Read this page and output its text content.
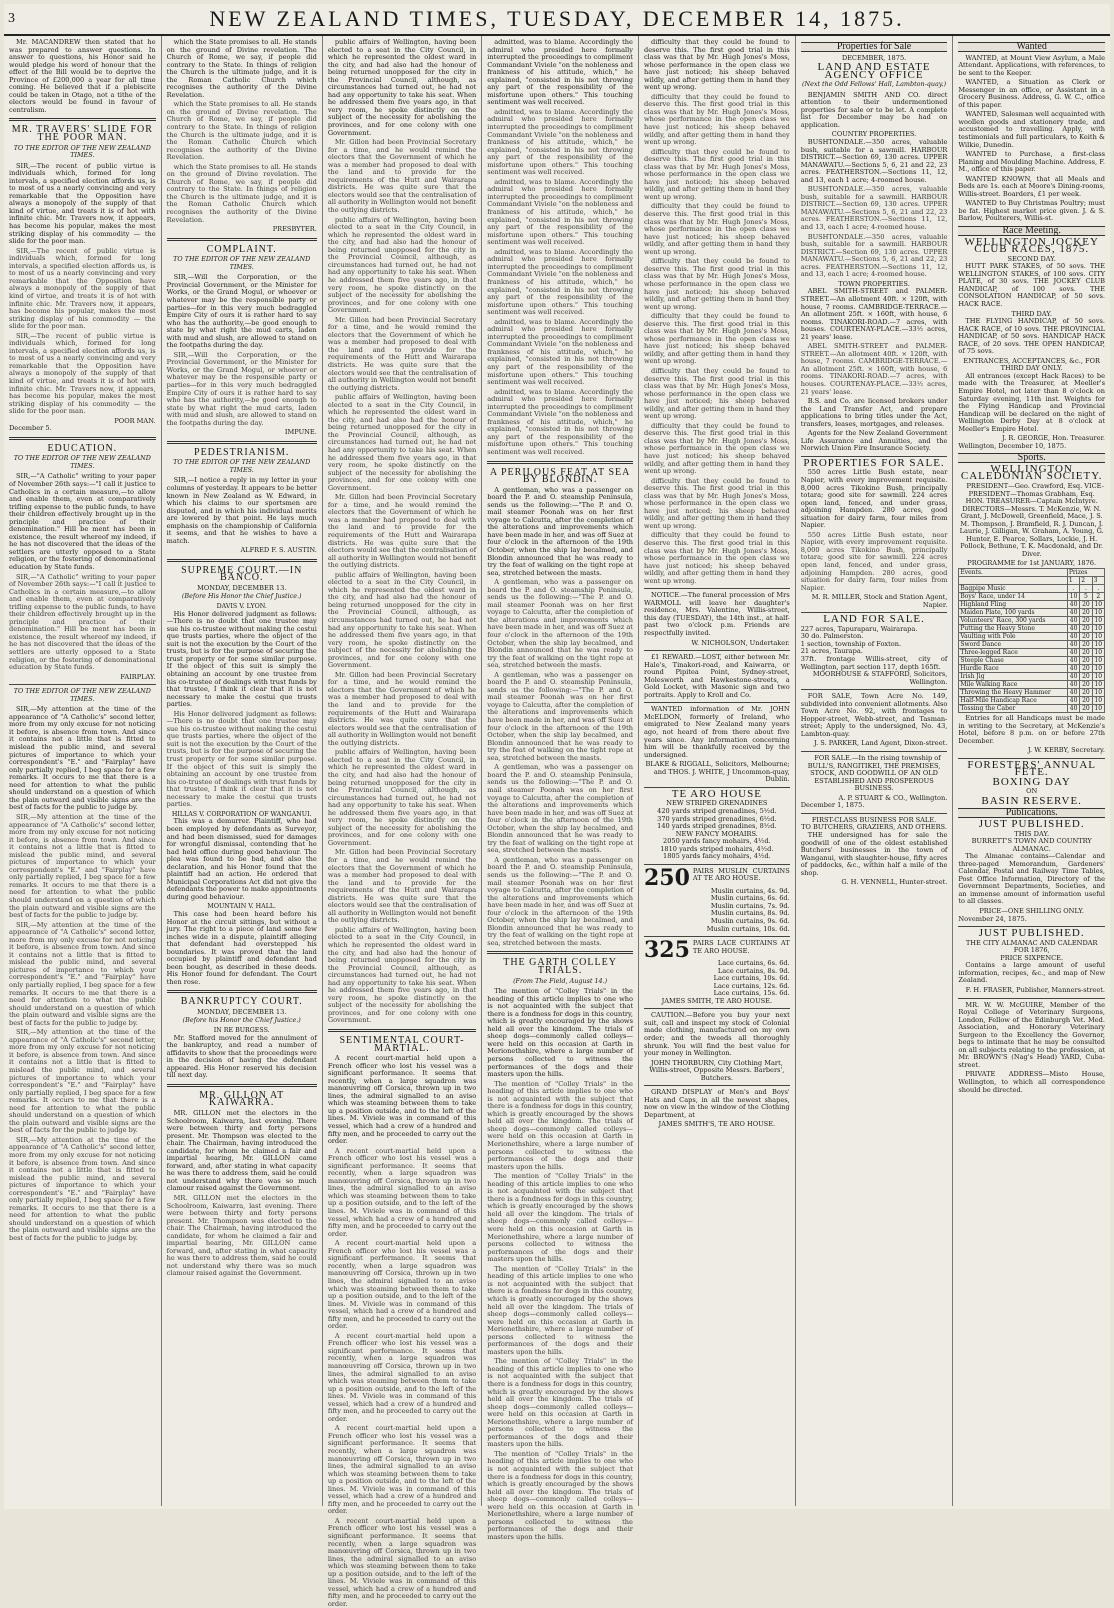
3	NEW ZEALAND TIMES, TUESDAY, DECEMBER 14, 1875.

Mr. MACANDREW then stated that he was prepared to answer questions. In answer to questions, his Honor said he would pledge his word of honour that the effect of the Bill would be to deprive the Province of £200,000 a year for all time coming. He believed that if a plebiscite could be taken in Otago, not a tithe of the electors would be found in favour of centralism.

MR. TRAVERS' SLIDE FOR THE POOR MAN.
TO THE EDITOR OF THE NEW ZEALAND TIMES.

SIR,—The recent of public virtue is individuals which, formed for long intervals, a specified election affords us, is to most of us a nearly convincing and very remarkable that the Opposition have always a monopoly of the supply of that kind of virtue, and treats it is of hot with infinite chic. Mr. Travers now, it appears, has become his popular, makes the most striking display of his commodity — the slide for the poor man.

SIR,—The recent of public virtue is individuals which, formed for long intervals, a specified election affords us, is to most of us a nearly convincing and very remarkable that the Opposition have always a monopoly of the supply of that kind of virtue, and treats it is of hot with infinite chic. Mr. Travers now, it appears, has become his popular, makes the most striking display of his commodity — the slide for the poor man.

SIR,—The recent of public virtue is individuals which, formed for long intervals, a specified election affords us, is to most of us a nearly convincing and very remarkable that the Opposition have always a monopoly of the supply of that kind of virtue, and treats it is of hot with infinite chic. Mr. Travers now, it appears, has become his popular, makes the most striking display of his commodity — the slide for the poor man.

POOR MAN.
December 5.
EDUCATION.
TO THE EDITOR OF THE NEW ZEALAND TIMES.

SIR,—"A Catholic" writing to your paper of November 26th says:—"I call it justice to Catholics in a certain measure,—to allow and enable them, even at comparatively trifling expense to the public funds, to have their children effectively brought up in the principle and practice of their denomination." Hill be ment has been in existence, the result whereof my indeed, if he has not discovered that the ideas of the settlers are utterly opposed to a State religion, or the fostering of denominational education by State funds.

SIR,—"A Catholic" writing to your paper of November 26th says:—"I call it justice to Catholics in a certain measure,—to allow and enable them, even at comparatively trifling expense to the public funds, to have their children effectively brought up in the principle and practice of their denomination." Hill be ment has been in existence, the result whereof my indeed, if he has not discovered that the ideas of the settlers are utterly opposed to a State religion, or the fostering of denominational education by State funds.

FAIRPLAY.
TO THE EDITOR OF THE NEW ZEALAND TIMES.

SIR,—My attention at the time of the appearance of "A Catholic's" second letter, more from my only excuse for not noticing it before, is absence from town. And since it contains not a little that is fitted to mislead the public mind, and several pictures of importance to which your correspondent's "E." and "Fairplay" have only partially replied, I beg space for a few remarks. It occurs to me that there is a need for attention to what the public should understand on a question of which the plain outward and visible signs are the best of facts for the public to judge by.

SIR,—My attention at the time of the appearance of "A Catholic's" second letter, more from my only excuse for not noticing it before, is absence from town. And since it contains not a little that is fitted to mislead the public mind, and several pictures of importance to which your correspondent's "E." and "Fairplay" have only partially replied, I beg space for a few remarks. It occurs to me that there is a need for attention to what the public should understand on a question of which the plain outward and visible signs are the best of facts for the public to judge by.

SIR,—My attention at the time of the appearance of "A Catholic's" second letter, more from my only excuse for not noticing it before, is absence from town. And since it contains not a little that is fitted to mislead the public mind, and several pictures of importance to which your correspondent's "E." and "Fairplay" have only partially replied, I beg space for a few remarks. It occurs to me that there is a need for attention to what the public should understand on a question of which the plain outward and visible signs are the best of facts for the public to judge by.

SIR,—My attention at the time of the appearance of "A Catholic's" second letter, more from my only excuse for not noticing it before, is absence from town. And since it contains not a little that is fitted to mislead the public mind, and several pictures of importance to which your correspondent's "E." and "Fairplay" have only partially replied, I beg space for a few remarks. It occurs to me that there is a need for attention to what the public should understand on a question of which the plain outward and visible signs are the best of facts for the public to judge by.

SIR,—My attention at the time of the appearance of "A Catholic's" second letter, more from my only excuse for not noticing it before, is absence from town. And since it contains not a little that is fitted to mislead the public mind, and several pictures of importance to which your correspondent's "E." and "Fairplay" have only partially replied, I beg space for a few remarks. It occurs to me that there is a need for attention to what the public should understand on a question of which the plain outward and visible signs are the best of facts for the public to judge by.

which the State promises to all. He stands on the ground of Divine revelation. The Church of Rome, we say, if people did contrary to the State. In things of religion the Church is the ultimate judge, and it is the Roman Catholic Church which recognises the authority of the Divine Revelation.

which the State promises to all. He stands on the ground of Divine revelation. The Church of Rome, we say, if people did contrary to the State. In things of religion the Church is the ultimate judge, and it is the Roman Catholic Church which recognises the authority of the Divine Revelation.

which the State promises to all. He stands on the ground of Divine revelation. The Church of Rome, we say, if people did contrary to the State. In things of religion the Church is the ultimate judge, and it is the Roman Catholic Church which recognises the authority of the Divine Revelation.

PRESBYTER.
COMPLAINT.
TO THE EDITOR OF THE NEW ZEALAND TIMES.

SIR,—Will the Corporation, or the Provincial Government, or the Minister for Works, or the Grand Mogul, or whoever or whatever may be the responsible party or parties—for in this very much bedraggled Empire City of ours it is rather hard to say who has the authority,—be good enough to state by what right the mud carts, laden with mud and slush, are allowed to stand on the footpaths during the day.

SIR,—Will the Corporation, or the Provincial Government, or the Minister for Works, or the Grand Mogul, or whoever or whatever may be the responsible party or parties—for in this very much bedraggled Empire City of ours it is rather hard to say who has the authority,—be good enough to state by what right the mud carts, laden with mud and slush, are allowed to stand on the footpaths during the day.

IMPUNE.
PEDESTRIANISM.
TO THE EDITOR OF THE NEW ZEALAND TIMES.

SIR,—I notice a reply in my letter in your columns of yesterday. It appears to be better known in New Zealand as W. Edward, in which his claims to our sportsmen are disputed, and in which his individual merits are lowered by that point. He lays much emphasis on the championship of California it seems, and that he wishes to have a match.

ALFRED F. S. AUSTIN.
SUPREME COURT.—IN BANCO.
MONDAY, DECEMBER 13.
(Before His Honor the Chief Justice.)
DAVIS V. LYON.

His Honor delivered judgment as follows:—There is no doubt that one trustee may sue his co-trustee without making the cestui que trusts parties, where the object of the suit is not the execution by the Court of the trusts, but is for the purpose of securing the trust property or for some similar purpose. If the object of this suit is simply the obtaining an account by one trustee from his co-trustee of dealings with trust funds by that trustee, I think it clear that it is not necessary to make the cestui que trusts parties.

His Honor delivered judgment as follows:—There is no doubt that one trustee may sue his co-trustee without making the cestui que trusts parties, where the object of the suit is not the execution by the Court of the trusts, but is for the purpose of securing the trust property or for some similar purpose. If the object of this suit is simply the obtaining an account by one trustee from his co-trustee of dealings with trust funds by that trustee, I think it clear that it is not necessary to make the cestui que trusts parties.

HILLAS V. CORPORATION OF WANGANUI.

This was a demurrer. Plaintiff, who had been employed by defendants as Surveyor, and had been dismissed, sued for damages for wrongful dismissal, contending that he had held office during good behaviour. The plea was found to be bad, and also the declaration, and his Honor found that the plaintiff had an action. He ordered that Municipal Corporations Act did not give the defendants the power to make appointments during good behaviour.

MOUNTAIN V. HALL.

This case had been heard before his Honor at the circuit sittings, but without a jury. The right to a piece of land some few inches wide in a dispute, plaintiff alleging that defendant had overstepped his boundaries. It was proved that the land occupied by plaintiff and defendant had been bought, as described in these deeds. His Honor found for defendant. The Court then rose.

BANKRUPTCY COURT.
MONDAY, DECEMBER 13.
(Before his Honor the Chief Justice.)
IN RE BURGESS.

Mr. Stafford moved for the annulment of the bankruptcy, and read a number of affidavits to show that the proceedings were in the decision of having the defendant appeared. His Honor reserved his decision till next day.

MR. GILLON AT KAIWARRA.

MR. GILLON met the electors in the Schoolroom, Kaiwarra, last evening. There were between thirty and forty persons present. Mr. Thompson was elected to the chair. The Chairman, having introduced the candidate, for whom he claimed a fair and impartial hearing, Mr. GILLON came forward, and, after stating in what capacity he was there to address them, said he could not understand why there was so much clamour raised against the Government.

MR. GILLON met the electors in the Schoolroom, Kaiwarra, last evening. There were between thirty and forty persons present. Mr. Thompson was elected to the chair. The Chairman, having introduced the candidate, for whom he claimed a fair and impartial hearing, Mr. GILLON came forward, and, after stating in what capacity he was there to address them, said he could not understand why there was so much clamour raised against the Government.

public affairs of Wellington, having been elected to a seat in the City Council, in which he represented the oldest ward in the city, and had also had the honour of being returned unopposed for the city in the Provincial Council, although, as circumstances had turned out, he had not had any opportunity to take his seat. When he addressed them five years ago, in that very room, he spoke distinctly on the subject of the necessity for abolishing the provinces, and for one colony with one Government.

Mr. Gillon had been Provincial Secretary for a time, and he would remind the electors that the Government of which he was a member had proposed to deal with the land and to provide for the requirements of the Hutt and Wairarapa districts. He was quite sure that the electors would see that the centralisation of all authority in Wellington would not benefit the outlying districts.

public affairs of Wellington, having been elected to a seat in the City Council, in which he represented the oldest ward in the city, and had also had the honour of being returned unopposed for the city in the Provincial Council, although, as circumstances had turned out, he had not had any opportunity to take his seat. When he addressed them five years ago, in that very room, he spoke distinctly on the subject of the necessity for abolishing the provinces, and for one colony with one Government.

Mr. Gillon had been Provincial Secretary for a time, and he would remind the electors that the Government of which he was a member had proposed to deal with the land and to provide for the requirements of the Hutt and Wairarapa districts. He was quite sure that the electors would see that the centralisation of all authority in Wellington would not benefit the outlying districts.

public affairs of Wellington, having been elected to a seat in the City Council, in which he represented the oldest ward in the city, and had also had the honour of being returned unopposed for the city in the Provincial Council, although, as circumstances had turned out, he had not had any opportunity to take his seat. When he addressed them five years ago, in that very room, he spoke distinctly on the subject of the necessity for abolishing the provinces, and for one colony with one Government.

Mr. Gillon had been Provincial Secretary for a time, and he would remind the electors that the Government of which he was a member had proposed to deal with the land and to provide for the requirements of the Hutt and Wairarapa districts. He was quite sure that the electors would see that the centralisation of all authority in Wellington would not benefit the outlying districts.

public affairs of Wellington, having been elected to a seat in the City Council, in which he represented the oldest ward in the city, and had also had the honour of being returned unopposed for the city in the Provincial Council, although, as circumstances had turned out, he had not had any opportunity to take his seat. When he addressed them five years ago, in that very room, he spoke distinctly on the subject of the necessity for abolishing the provinces, and for one colony with one Government.

Mr. Gillon had been Provincial Secretary for a time, and he would remind the electors that the Government of which he was a member had proposed to deal with the land and to provide for the requirements of the Hutt and Wairarapa districts. He was quite sure that the electors would see that the centralisation of all authority in Wellington would not benefit the outlying districts.

public affairs of Wellington, having been elected to a seat in the City Council, in which he represented the oldest ward in the city, and had also had the honour of being returned unopposed for the city in the Provincial Council, although, as circumstances had turned out, he had not had any opportunity to take his seat. When he addressed them five years ago, in that very room, he spoke distinctly on the subject of the necessity for abolishing the provinces, and for one colony with one Government.

Mr. Gillon had been Provincial Secretary for a time, and he would remind the electors that the Government of which he was a member had proposed to deal with the land and to provide for the requirements of the Hutt and Wairarapa districts. He was quite sure that the electors would see that the centralisation of all authority in Wellington would not benefit the outlying districts.

public affairs of Wellington, having been elected to a seat in the City Council, in which he represented the oldest ward in the city, and had also had the honour of being returned unopposed for the city in the Provincial Council, although, as circumstances had turned out, he had not had any opportunity to take his seat. When he addressed them five years ago, in that very room, he spoke distinctly on the subject of the necessity for abolishing the provinces, and for one colony with one Government.

SENTIMENTAL COURT-MARTIAL.

A recent court-martial held upon a French officer who lost his vessel was a significant performance. It seems that recently, when a large squadron was manœuvring off Corsica, thrown up in two lines, the admiral signalled to an aviso which was steaming between them to take up a position outside, and to the left of the lines. M. Viviele was in command of this vessel, which had a crew of a hundred and fifty men, and he proceeded to carry out the order.

A recent court-martial held upon a French officer who lost his vessel was a significant performance. It seems that recently, when a large squadron was manœuvring off Corsica, thrown up in two lines, the admiral signalled to an aviso which was steaming between them to take up a position outside, and to the left of the lines. M. Viviele was in command of this vessel, which had a crew of a hundred and fifty men, and he proceeded to carry out the order.

A recent court-martial held upon a French officer who lost his vessel was a significant performance. It seems that recently, when a large squadron was manœuvring off Corsica, thrown up in two lines, the admiral signalled to an aviso which was steaming between them to take up a position outside, and to the left of the lines. M. Viviele was in command of this vessel, which had a crew of a hundred and fifty men, and he proceeded to carry out the order.

A recent court-martial held upon a French officer who lost his vessel was a significant performance. It seems that recently, when a large squadron was manœuvring off Corsica, thrown up in two lines, the admiral signalled to an aviso which was steaming between them to take up a position outside, and to the left of the lines. M. Viviele was in command of this vessel, which had a crew of a hundred and fifty men, and he proceeded to carry out the order.

A recent court-martial held upon a French officer who lost his vessel was a significant performance. It seems that recently, when a large squadron was manœuvring off Corsica, thrown up in two lines, the admiral signalled to an aviso which was steaming between them to take up a position outside, and to the left of the lines. M. Viviele was in command of this vessel, which had a crew of a hundred and fifty men, and he proceeded to carry out the order.

A recent court-martial held upon a French officer who lost his vessel was a significant performance. It seems that recently, when a large squadron was manœuvring off Corsica, thrown up in two lines, the admiral signalled to an aviso which was steaming between them to take up a position outside, and to the left of the lines. M. Viviele was in command of this vessel, which had a crew of a hundred and fifty men, and he proceeded to carry out the order.

admitted, was to blame. Accordingly the admiral who presided here formally interrupted the proceedings to compliment Commandant Viviele "on the nobleness and frankness of his attitude, which," he explained, "consisted in his not throwing any part of the responsibility of the misfortune upon others." This touching sentiment was well received.

admitted, was to blame. Accordingly the admiral who presided here formally interrupted the proceedings to compliment Commandant Viviele "on the nobleness and frankness of his attitude, which," he explained, "consisted in his not throwing any part of the responsibility of the misfortune upon others." This touching sentiment was well received.

admitted, was to blame. Accordingly the admiral who presided here formally interrupted the proceedings to compliment Commandant Viviele "on the nobleness and frankness of his attitude, which," he explained, "consisted in his not throwing any part of the responsibility of the misfortune upon others." This touching sentiment was well received.

admitted, was to blame. Accordingly the admiral who presided here formally interrupted the proceedings to compliment Commandant Viviele "on the nobleness and frankness of his attitude, which," he explained, "consisted in his not throwing any part of the responsibility of the misfortune upon others." This touching sentiment was well received.

admitted, was to blame. Accordingly the admiral who presided here formally interrupted the proceedings to compliment Commandant Viviele "on the nobleness and frankness of his attitude, which," he explained, "consisted in his not throwing any part of the responsibility of the misfortune upon others." This touching sentiment was well received.

admitted, was to blame. Accordingly the admiral who presided here formally interrupted the proceedings to compliment Commandant Viviele "on the nobleness and frankness of his attitude, which," he explained, "consisted in his not throwing any part of the responsibility of the misfortune upon others." This touching sentiment was well received.

A PERILOUS FEAT AT SEA BY BLONDIN.

A gentleman, who was a passenger on board the P. and O. steamship Peninsula, sends us the following:—"The P. and O. mail steamer Poonah was on her first voyage to Calcutta, after the completion of the alterations and improvements which have been made in her, and was off Suez at four o'clock in the afternoon of the 19th October, when the ship lay becalmed, and Blondin announced that he was ready to try the feat of walking on the tight rope at sea, stretched between the masts.

A gentleman, who was a passenger on board the P. and O. steamship Peninsula, sends us the following:—"The P. and O. mail steamer Poonah was on her first voyage to Calcutta, after the completion of the alterations and improvements which have been made in her, and was off Suez at four o'clock in the afternoon of the 19th October, when the ship lay becalmed, and Blondin announced that he was ready to try the feat of walking on the tight rope at sea, stretched between the masts.

A gentleman, who was a passenger on board the P. and O. steamship Peninsula, sends us the following:—"The P. and O. mail steamer Poonah was on her first voyage to Calcutta, after the completion of the alterations and improvements which have been made in her, and was off Suez at four o'clock in the afternoon of the 19th October, when the ship lay becalmed, and Blondin announced that he was ready to try the feat of walking on the tight rope at sea, stretched between the masts.

A gentleman, who was a passenger on board the P. and O. steamship Peninsula, sends us the following:—"The P. and O. mail steamer Poonah was on her first voyage to Calcutta, after the completion of the alterations and improvements which have been made in her, and was off Suez at four o'clock in the afternoon of the 19th October, when the ship lay becalmed, and Blondin announced that he was ready to try the feat of walking on the tight rope at sea, stretched between the masts.

A gentleman, who was a passenger on board the P. and O. steamship Peninsula, sends us the following:—"The P. and O. mail steamer Poonah was on her first voyage to Calcutta, after the completion of the alterations and improvements which have been made in her, and was off Suez at four o'clock in the afternoon of the 19th October, when the ship lay becalmed, and Blondin announced that he was ready to try the feat of walking on the tight rope at sea, stretched between the masts.

THE GARTH COLLEY TRIALS.
(From The Field, August 14.)

The mention of "Colley Trials" in the heading of this article implies to one who is not acquainted with the subject that there is a fondness for dogs in this country, which is greatly encouraged by the shows held all over the kingdom. The trials of sheep dogs—commonly called colleys—were held on this occasion at Garth in Merionethshire, where a large number of persons collected to witness the performances of the dogs and their masters upon the hills.

The mention of "Colley Trials" in the heading of this article implies to one who is not acquainted with the subject that there is a fondness for dogs in this country, which is greatly encouraged by the shows held all over the kingdom. The trials of sheep dogs—commonly called colleys—were held on this occasion at Garth in Merionethshire, where a large number of persons collected to witness the performances of the dogs and their masters upon the hills.

The mention of "Colley Trials" in the heading of this article implies to one who is not acquainted with the subject that there is a fondness for dogs in this country, which is greatly encouraged by the shows held all over the kingdom. The trials of sheep dogs—commonly called colleys—were held on this occasion at Garth in Merionethshire, where a large number of persons collected to witness the performances of the dogs and their masters upon the hills.

The mention of "Colley Trials" in the heading of this article implies to one who is not acquainted with the subject that there is a fondness for dogs in this country, which is greatly encouraged by the shows held all over the kingdom. The trials of sheep dogs—commonly called colleys—were held on this occasion at Garth in Merionethshire, where a large number of persons collected to witness the performances of the dogs and their masters upon the hills.

The mention of "Colley Trials" in the heading of this article implies to one who is not acquainted with the subject that there is a fondness for dogs in this country, which is greatly encouraged by the shows held all over the kingdom. The trials of sheep dogs—commonly called colleys—were held on this occasion at Garth in Merionethshire, where a large number of persons collected to witness the performances of the dogs and their masters upon the hills.

The mention of "Colley Trials" in the heading of this article implies to one who is not acquainted with the subject that there is a fondness for dogs in this country, which is greatly encouraged by the shows held all over the kingdom. The trials of sheep dogs—commonly called colleys—were held on this occasion at Garth in Merionethshire, where a large number of persons collected to witness the performances of the dogs and their masters upon the hills.

difficulty that they could be found to deserve this. The first good trial in this class was that by Mr. Hugh Jones's Moss, whose performance in the open class we have just noticed; his sheep behaved wildly, and after getting them in hand they went up wrong.

difficulty that they could be found to deserve this. The first good trial in this class was that by Mr. Hugh Jones's Moss, whose performance in the open class we have just noticed; his sheep behaved wildly, and after getting them in hand they went up wrong.

difficulty that they could be found to deserve this. The first good trial in this class was that by Mr. Hugh Jones's Moss, whose performance in the open class we have just noticed; his sheep behaved wildly, and after getting them in hand they went up wrong.

difficulty that they could be found to deserve this. The first good trial in this class was that by Mr. Hugh Jones's Moss, whose performance in the open class we have just noticed; his sheep behaved wildly, and after getting them in hand they went up wrong.

difficulty that they could be found to deserve this. The first good trial in this class was that by Mr. Hugh Jones's Moss, whose performance in the open class we have just noticed; his sheep behaved wildly, and after getting them in hand they went up wrong.

difficulty that they could be found to deserve this. The first good trial in this class was that by Mr. Hugh Jones's Moss, whose performance in the open class we have just noticed; his sheep behaved wildly, and after getting them in hand they went up wrong.

difficulty that they could be found to deserve this. The first good trial in this class was that by Mr. Hugh Jones's Moss, whose performance in the open class we have just noticed; his sheep behaved wildly, and after getting them in hand they went up wrong.

difficulty that they could be found to deserve this. The first good trial in this class was that by Mr. Hugh Jones's Moss, whose performance in the open class we have just noticed; his sheep behaved wildly, and after getting them in hand they went up wrong.

difficulty that they could be found to deserve this. The first good trial in this class was that by Mr. Hugh Jones's Moss, whose performance in the open class we have just noticed; his sheep behaved wildly, and after getting them in hand they went up wrong.

difficulty that they could be found to deserve this. The first good trial in this class was that by Mr. Hugh Jones's Moss, whose performance in the open class we have just noticed; his sheep behaved wildly, and after getting them in hand they went up wrong.

NOTICE.—The funeral procession of Mrs WARMOLL will leave her daughter's residence, Mrs. Valentine, Willis-street, this day (TUESDAY), the 14th inst., at half-past two o'clock p.m. Friends are respectfully invited.

W. NICHOLSON, Undertaker.

£1 REWARD.—LOST, either between Mr. Hale's, Tinakori-road, and Kaiwarra, or round Pipitea Point, Sydney-street, Molesworth and Hawkestone-streets, a Gold Locket, with Masonic sign and two portraits. Apply to Kroll and Co.

WANTED information of Mr. JOHN McELDON, formerly of Ireland, who emigrated to New Zealand many years ago, not heard of from there about five years since. Any information concerning him will be thankfully received by the undersigned.

BLAKE & RIGGALL, Solicitors, Melbourne; and THOS. J. WHITE, J Uncommon-quay, Dublin.
TE ARO HOUSE
NEW STRIPED GRENADINES
420 yards striped grenadines, 5½d.
370 yards striped grenadines, 6½d.
140 yards striped grenadines, 8½d.
NEW FANCY MOHAIRS.
2050 yards fancy mohairs, 4½d.
1810 yards striped mohairs, 4½d.
1805 yards fancy mohairs, 4½d.
250 PAIRS MUSLIN CURTAINS AT TE ARO HOUSE.
Muslin curtains, 4s. 9d.
Muslin curtains, 6s. 6d.
Muslin curtains, 7s. 9d.
Muslin curtains, 8s. 9d.
Muslin curtains, 9s. 6d.
Muslin curtains, 10s. 6d.
325 PAIRS LACE CURTAINS AT TE ARO HOUSE.
Lace curtains, 6s. 6d.
Lace curtains, 8s. 9d.
Lace curtains, 10s. 6d.
Lace curtains, 12s. 6d.
Lace curtains, 15s. 6d.
JAMES SMITH, TE ARO HOUSE.

CAUTION.—Before you buy your next suit, call and inspect my stock of Colonial made clothing, manufactured on my own order; and the tweeds all thoroughly shrunk. You will find the best value for your money in Wellington.

JOHN THORBURN, City Clothing Mart, Willis-street, Opposite Messrs. Barbers', Butchers.

GRAND DISPLAY of Men's and Boys' Hats and Caps, in all the newest shapes, now on view in the window of the Clothing Department, at

JAMES SMITH'S, TE ARO HOUSE.
Properties for Sale
DECEMBER, 1875.
LAND AND ESTATE AGENCY OFFICE
(Next the Odd Fellows' Hall, Lambton-quay.)

BENJAMIN SMITH AND CO. direct attention to their undermentioned properties for sale or to be let. A complete list for December may be had on application.

COUNTRY PROPERTIES.

BUSHTONDALE.—350 acres, valuable bush, suitable for a sawmill. HARBOUR DISTRICT.—Section 69, 130 acres. UPPER MANAWATU.—Sections 5, 6, 21 and 22, 23 acres. FEATHERSTON.—Sections 11, 12, and 13, each 1 acre; 4-roomed house.

BUSHTONDALE.—350 acres, valuable bush, suitable for a sawmill. HARBOUR DISTRICT.—Section 69, 130 acres. UPPER MANAWATU.—Sections 5, 6, 21 and 22, 23 acres. FEATHERSTON.—Sections 11, 12, and 13, each 1 acre; 4-roomed house.

BUSHTONDALE.—350 acres, valuable bush, suitable for a sawmill. HARBOUR DISTRICT.—Section 69, 130 acres. UPPER MANAWATU.—Sections 5, 6, 21 and 22, 23 acres. FEATHERSTON.—Sections 11, 12, and 13, each 1 acre; 4-roomed house.

TOWN PROPERTIES.

ABEL SMITH-STREET and PALMER-STREET.—An allotment 40ft. × 120ft, with house, 7 rooms. CAMBRIDGE-TERRACE.—An allotment 25ft. × 160ft, with house, 6 rooms. TINAKORI-ROAD.—7 acres, with houses. COURTENAY-PLACE.—33½ acres, 21 years' lease.

ABEL SMITH-STREET and PALMER-STREET.—An allotment 40ft. × 120ft, with house, 7 rooms. CAMBRIDGE-TERRACE.—An allotment 25ft. × 160ft, with house, 6 rooms. TINAKORI-ROAD.—7 acres, with houses. COURTENAY-PLACE.—33½ acres, 21 years' lease.

B.S. and Co. are licensed brokers under the Land Transfer Act, and prepare applications to bring titles under the Act, transfers, leases, mortgages, and releases.

Agents for the New Zealand Government Life Assurance and Annuities, and the Norwich Union Fire Insurance Society.

PROPERTIES FOR SALE.

550 acres Little Bush estate, near Napier, with every improvement requisite. 8,000 acres Tikokino Bush, principally totara; good site for sawmill. 224 acres open land, fenced, and under grass, adjoining Hampden. 280 acres, good situation for dairy farm, four miles from Napier.

550 acres Little Bush estate, near Napier, with every improvement requisite. 8,000 acres Tikokino Bush, principally totara; good site for sawmill. 224 acres open land, fenced, and under grass, adjoining Hampden. 280 acres, good situation for dairy farm, four miles from Napier.

M. R. MILLER, Stock and Station Agent, Napier.
LAND FOR SALE.
227 acres, Tapuraparu, Wairarapa.
30 do. Palmerston.
1 section, township of Foxton.
21 acres, Taurapa.
37ft. frontage Willis-street, city of Wellington, part section 117, depth 165ft.
MOORHOUSE & STAFFORD, Solicitors, Wellington.

FOR SALE, Town Acre No. 149, subdivided into convenient allotments. Also Town Acre No. 92, with frontages to Hopper-street, Webb-street, and Tasman-street; Apply to the undersigned, No. 43, Lambton-quay.

J. S. PARKER, Land Agent, Dixon-street.

FOR SALE.—In the rising township of BULL'S, RANGITIKEI, THE PREMISES, STOCK, AND GOODWILL OF AN OLD ESTABLISHED AND PROSPEROUS BUSINESS.

A. P. STUART & CO., Wellington.
December 1, 1875.
FIRST-CLASS BUSINESS FOR SALE.
TO BUTCHERS, GRAZIERS, AND OTHERS.

THE undersigned has for sale the goodwill of one of the oldest established Butchers' businesses in the town of Wanganui, with slaughter-house, fifty acres of paddocks, &c., within half a mile of the shop.

G. H. VENNELL, Hunter-street.
Wanted

WANTED, at Mount View Asylum, a Male Attendant. Applications, with references, to be sent to the Keeper.

WANTED, a Situation as Clerk or Messenger in an office, or Assistant in a Grocery Business. Address, G. W. C., office of this paper.

WANTED, Salesman well acquainted with woollen goods and stationery trade, and accustomed to travelling. Apply, with testimonials and full particulars, to Keith & Wilkie, Dunedin.

WANTED to Purchase, a first-class Planing and Moulding Machine. Address, F. M., office of this paper.

WANTED KNOWN, that all Meals and Beds are 1s. each at Moore's Dining-rooms, Willis-street. Boarders, £1 per week.

WANTED to Buy Christmas Poultry; must be fat. Highest market price given. J. & S. Barlow, Poulterers, Willis-st.

Race Meeting.
WELLINGTON JOCKEY CLUB RACES, 1875.
SECOND DAY.

HUTT PARK STAKES, of 50 sovs. THE WELLINGTON STAKES, of 100 sovs. CITY PLATE, of 30 sovs. THE JOCKEY CLUB HANDICAP, of 100 sovs. THE CONSOLATION HANDICAP, of 50 sovs. HACK RACE.

THIRD DAY.

THE FLYING HANDICAP, of 50 sovs. HACK RACE, of 10 sovs. THE PROVINCIAL HANDICAP, of 50 sovs. HANDICAP HACK RACE, of 20 sovs. THE OPEN HANDICAP, of 75 sovs.

ENTRANCES, ACCEPTANCES, &c., FOR THIRD DAY ONLY.

All entrances (except Hack Races) to be made with the Treasurer, at Meeller's Empire Hotel, not later than 8 o'clock on Saturday evening, 11th inst. Weights for the Flying Handicap and Provincial Handicap will be declared on the night of Wellington Derby Day at 8 o'clock at Meeller's Empire Hotel.

J. R. GEORGE, Hon. Treasurer.
Wellington, December 10, 1875.
Sports.
WELLINGTON CALEDONIAN SOCIETY.

PRESIDENT—Geo. Crawford, Esq. VICE-PRESIDENT—Thomas Grabham, Esq. HON. TREASURER—Captain McIntyre. DIRECTORS—Messrs. T. McKenzie, W. N. Grant, J. McDowell, Greenfield, Mace, J. S. M. Thompson, J. Bramfield, R. J. Duncan, J. Laurie, J. Gilligan, W. Graham, A. Young, G. Hunter, E. Pearce, Sollars, Lockie, J. H. Pollock, Bethune, T. K. Macdonald, and Dr. Diver.

PROGRAMME for 1st JANUARY, 1876.
Events.	Prizes		
	1	2	3
Bagpipe Music	.	.	.
Boys' Race, under 14	10	5	2
Highland Fling	40	20	10
Maiden Plate, 100 yards	40	20	10
Volunteers' Race, 300 yards	40	20	10
Putting the Heavy Stone	40	20	10
Vaulting with Pole	40	20	10
Sword Dance	40	20	10
Three-legged Race	40	20	10
Steeple Chase	40	20	10
Hurdle Race	40	20	10
Irish Jig	40	20	10
Mile Walking Race	40	20	10
Throwing the Heavy Hammer	40	20	10
Half-Mile Handicap Race	40	20	10
Tossing the Caber	40	20	10

Entries for all Handicaps must be made in writing to the Secretary, at McKenzie's Hotel, before 8 p.m. on or before 27th December.

J. W. KERBY, Secretary.
FORESTERS' ANNUAL FETE.
BOXING DAY
ON
BASIN RESERVE.
Publications.
JUST PUBLISHED.
THIS DAY.
BURRETT'S TOWN AND COUNTRY ALMANAC.

The Almanac contains—Calendar and three-paged Memorandum, Gardeners' Calendar, Postal and Railway Time Tables, Post Office Information, Directory of the Government Departments, Societies, and an immense amount of information useful to all classes.

PRICE—ONE SHILLING ONLY.
November 24, 1875.
JUST PUBLISHED.
THE CITY ALMANAC AND CALENDAR FOR 1876,
PRICE SIXPENCE.

Contains a large amount of useful information, recipes, &c., and map of New Zealand.

F. H. FRASER, Publisher, Manners-street.

MR. W. W. McGUIRE, Member of the Royal College of Veterinary Surgeons, London, Fellow of the Edinburgh Vet. Med. Association, and Honorary Veterinary Surgeon to the Excellency the Governor, begs to intimate that he may be consulted on all subjects relating to the profession, at Mr. BROWN'S (Nag's Head) YARD, Cuba-street.

PRIVATE ADDRESS—Misto House, Wellington, to which all correspondence should be directed.
